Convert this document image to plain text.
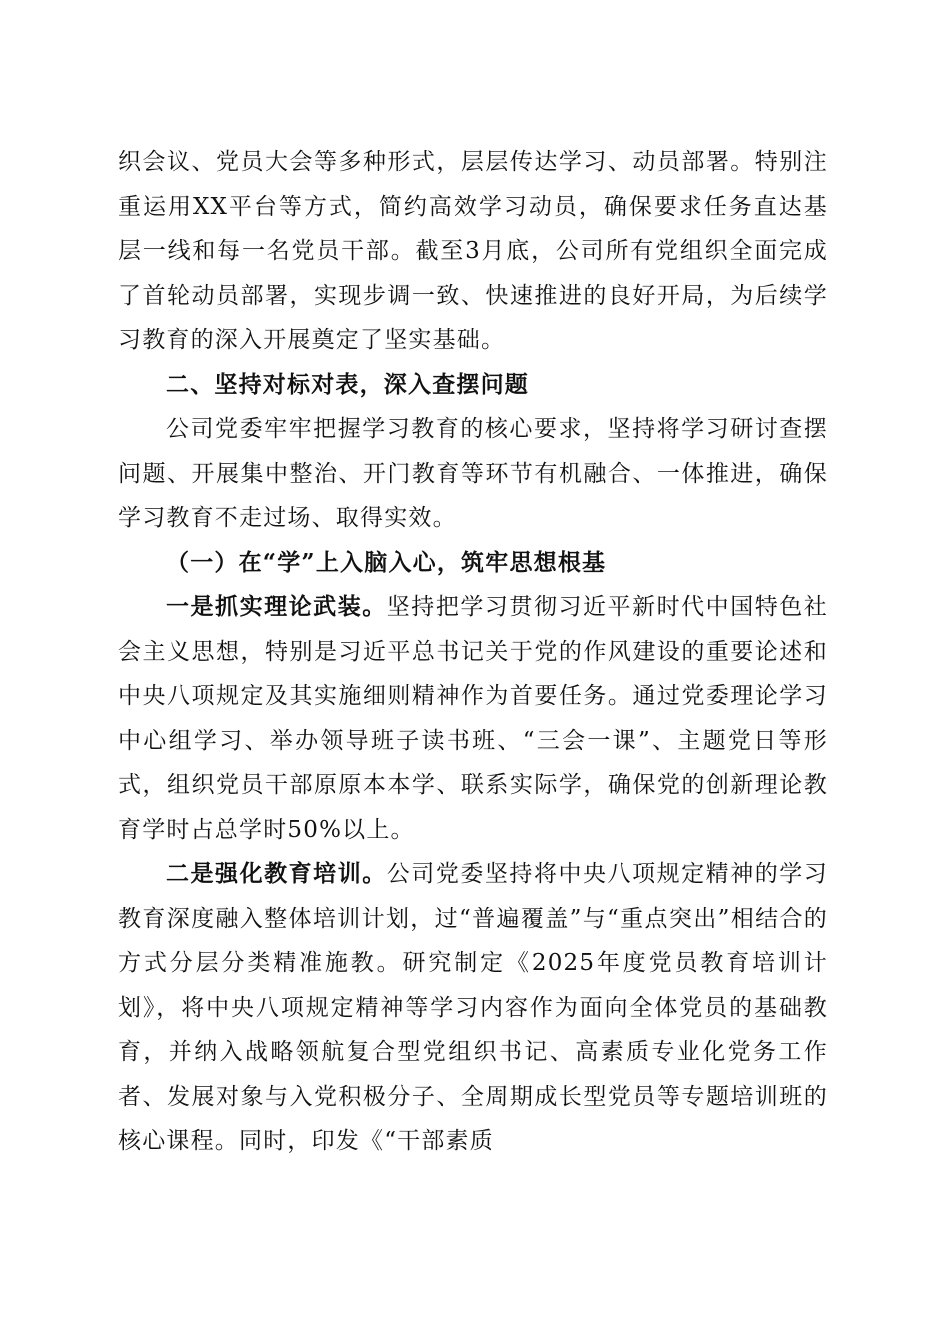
织会议、党员大会等多种形式，层层传达学习、动员部署。特别注重运用XX平台等方式，简约高效学习动员，确保要求任务直达基层一线和每一名党员干部。截至3月底，公司所有党组织全面完成了首轮动员部署，实现步调一致、快速推进的良好开局，为后续学习教育的深入开展奠定了坚实基础。

二、坚持对标对表，深入查摆问题

公司党委牢牢把握学习教育的核心要求，坚持将学习研讨查摆问题、开展集中整治、开门教育等环节有机融合、一体推进，确保学习教育不走过场、取得实效。

（一）在“学”上入脑入心，筑牢思想根基

一是抓实理论武装。坚持把学习贯彻习近平新时代中国特色社会主义思想，特别是习近平总书记关于党的作风建设的重要论述和中央八项规定及其实施细则精神作为首要任务。通过党委理论学习中心组学习、举办领导班子读书班、“三会一课”、主题党日等形式，组织党员干部原原本本学、联系实际学，确保党的创新理论教育学时占总学时50%以上。

二是强化教育培训。公司党委坚持将中央八项规定精神的学习教育深度融入整体培训计划，过“普遍覆盖”与“重点突出”相结合的方式分层分类精准施教。研究制定《2025年度党员教育培训计划》，将中央八项规定精神等学习内容作为面向全体党员的基础教育，并纳入战略领航复合型党组织书记、高素质专业化党务工作者、发展对象与入党积极分子、全周期成长型党员等专题培训班的核心课程。同时，印发《“干部素质
